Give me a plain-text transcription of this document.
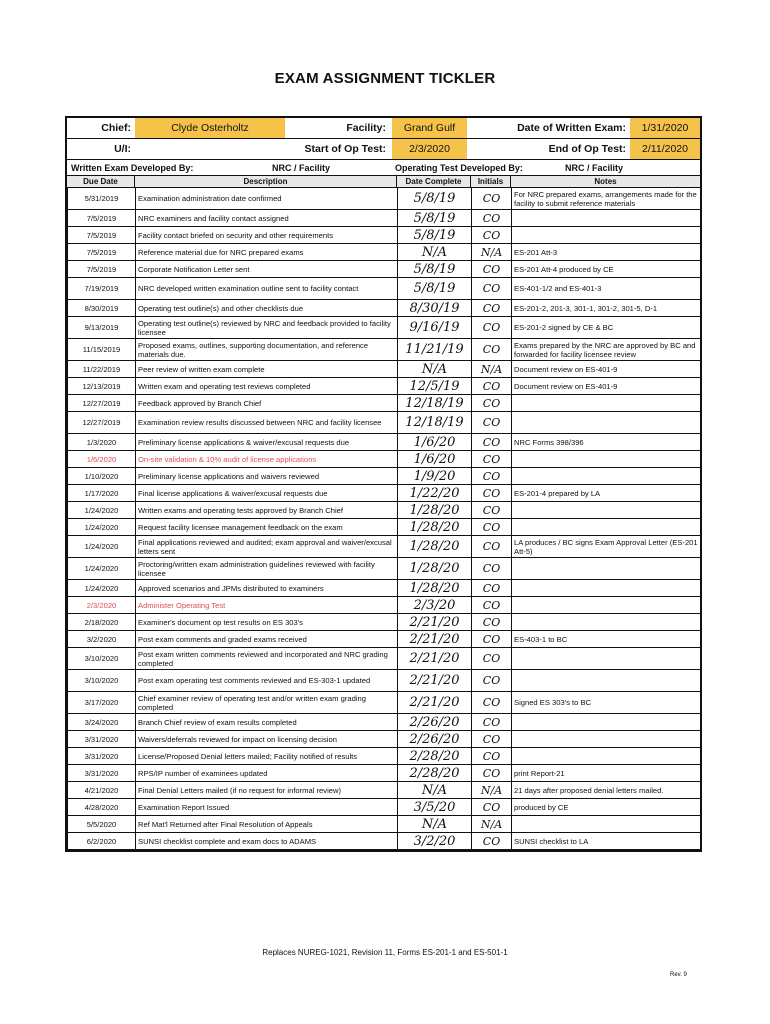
EXAM ASSIGNMENT TICKLER
Chief:	Clyde Osterholtz	Facility:	Grand Gulf	Date of Written Exam:	1/31/2020
U/I:	Start of Op Test:	2/3/2020	End of Op Test:	2/11/2020
Written Exam Developed By:	NRC / Facility	Operating Test Developed By:	NRC / Facility
Due Date	Description	Date Complete	Initials	Notes
5/31/2019	Examination administration date confirmed	5/8/19	CO	For NRC prepared exams, arrangements made for the facility to submit reference materials
7/5/2019	NRC examiners and facility contact assigned	5/8/19	CO	
7/5/2019	Facility contact briefed on security and other requirements	5/8/19	CO	
7/5/2019	Reference material due for NRC prepared exams	N/A	N/A	ES-201 Att-3
7/5/2019	Corporate Notification Letter sent	5/8/19	CO	ES-201 Att-4 produced by CE
7/19/2019	NRC developed written examination outline sent to facility contact	5/8/19	CO	ES-401-1/2 and ES-401-3
8/30/2019	Operating test outline(s) and other checklists due	8/30/19	CO	ES-201-2, 201-3, 301-1, 301-2, 301-5, D-1
9/13/2019	Operating test outline(s) reviewed by NRC and feedback provided to facility licensee	9/16/19	CO	ES-201-2 signed by CE & BC
11/15/2019	Proposed exams, outlines, supporting documentation, and reference materials due.	11/21/19	CO	Exams prepared by the NRC are approved by BC and forwarded for facility licensee review
11/22/2019	Peer review of written exam complete	N/A	N/A	Document review on ES-401-9
12/13/2019	Written exam and operating test reviews completed	12/5/19	CO	Document review on ES-401-9
12/27/2019	Feedback approved by Branch Chief	12/18/19	CO	
12/27/2019	Examination review results discussed between NRC and facility licensee	12/18/19	CO	
1/3/2020	Preliminary license applications & waiver/excusal requests due	1/6/20	CO	NRC Forms 398/396
1/6/2020	On-site validation & 10% audit of license applications	1/6/20	CO	
1/10/2020	Preliminary license applications and waivers reviewed	1/9/20	CO	
1/17/2020	Final license applications & waiver/excusal requests due	1/22/20	CO	ES-201-4 prepared by LA
1/24/2020	Written exams and operating tests approved by Branch Chief	1/28/20	CO	
1/24/2020	Request facility licensee management feedback on the exam	1/28/20	CO	
1/24/2020	Final applications reviewed and audited; exam approval and waiver/excusal letters sent	1/28/20	CO	LA produces / BC signs Exam Approval Letter (ES-201 Att-5)
1/24/2020	Proctoring/written exam administration guidelines reviewed with facility licensee	1/28/20	CO	
1/24/2020	Approved scenarios and JPMs distributed to examiners	1/28/20	CO	
2/3/2020	Administer Operating Test	2/3/20	CO	
2/18/2020	Examiner's document op test results on ES 303's	2/21/20	CO	
3/2/2020	Post exam comments and graded exams received	2/21/20	CO	ES-403-1 to BC
3/10/2020	Post exam written comments reviewed and incorporated and NRC grading completed	2/21/20	CO	
3/10/2020	Post exam operating test comments reviewed and ES-303-1 updated	2/21/20	CO	
3/17/2020	Chief examiner review of operating test and/or written exam grading completed	2/21/20	CO	Signed ES 303's to BC
3/24/2020	Branch Chief review of exam results completed	2/26/20	CO	
3/31/2020	Waivers/deferrals reviewed for impact on licensing decision	2/26/20	CO	
3/31/2020	License/Proposed Denial letters mailed; Facility notified of results	2/28/20	CO	
3/31/2020	RPS/IP number of examinees updated	2/28/20	CO	print Report-21
4/21/2020	Final Denial Letters mailed (if no request for informal review)	N/A	N/A	21 days after proposed denial letters mailed.
4/28/2020	Examination Report Issued	3/5/20	CO	produced by CE
5/5/2020	Ref Mat'l Returned after Final Resolution of Appeals	N/A	N/A	
6/2/2020	SUNSI checklist complete and exam docs to ADAMS	3/2/20	CO	SUNSI checklist to LA
Replaces NUREG-1021, Revision 11, Forms ES-201-1 and ES-501-1
Rev. 9
